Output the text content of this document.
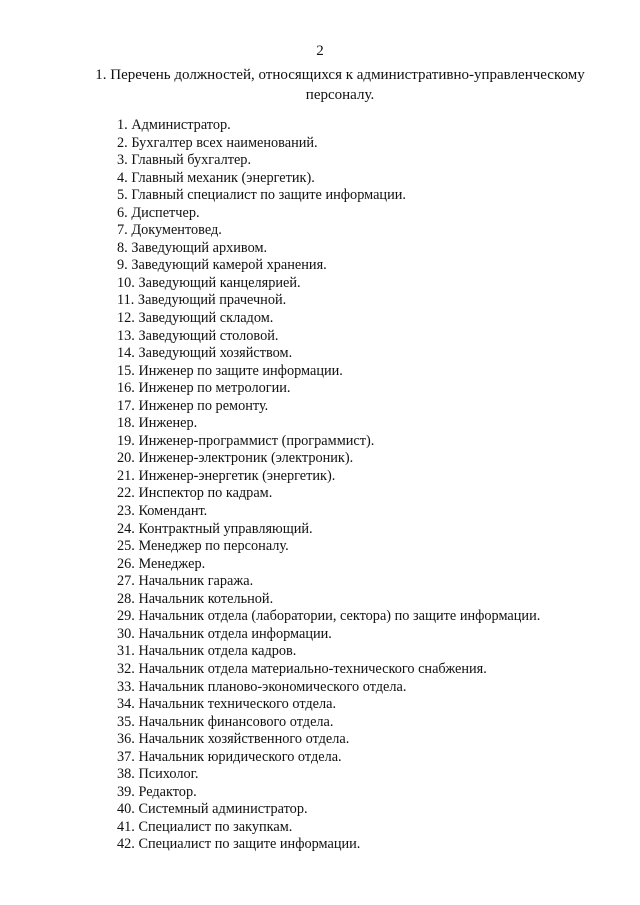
2
1. Перечень должностей, относящихся к административно-управленческому персоналу.
1. Администратор.
2. Бухгалтер всех наименований.
3. Главный бухгалтер.
4. Главный механик (энергетик).
5. Главный специалист по защите информации.
6. Диспетчер.
7. Документовед.
8. Заведующий архивом.
9. Заведующий камерой хранения.
10. Заведующий канцелярией.
11. Заведующий прачечной.
12. Заведующий складом.
13. Заведующий столовой.
14. Заведующий хозяйством.
15. Инженер по защите информации.
16. Инженер по метрологии.
17. Инженер по ремонту.
18. Инженер.
19. Инженер-программист (программист).
20. Инженер-электроник (электроник).
21. Инженер-энергетик (энергетик).
22. Инспектор по кадрам.
23. Комендант.
24. Контрактный управляющий.
25. Менеджер по персоналу.
26. Менеджер.
27. Начальник гаража.
28. Начальник котельной.
29. Начальник отдела (лаборатории, сектора) по защите информации.
30. Начальник отдела информации.
31. Начальник отдела кадров.
32. Начальник отдела материально-технического снабжения.
33. Начальник планово-экономического отдела.
34. Начальник технического отдела.
35. Начальник финансового отдела.
36. Начальник хозяйственного отдела.
37. Начальник юридического отдела.
38. Психолог.
39. Редактор.
40. Системный администратор.
41. Специалист по закупкам.
42. Специалист по защите информации.
